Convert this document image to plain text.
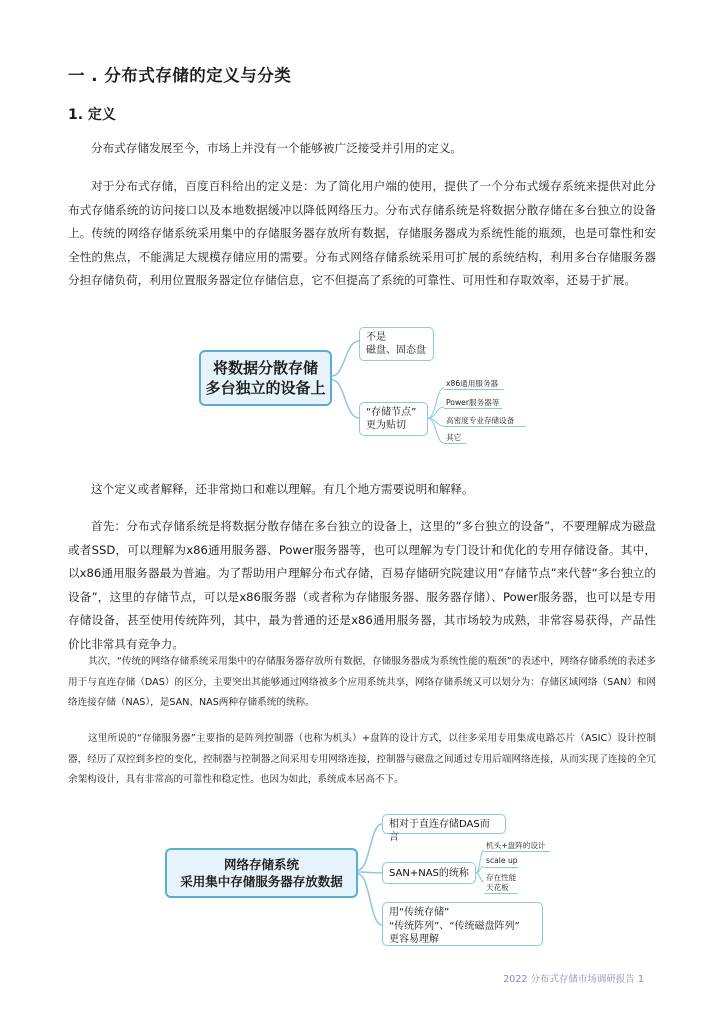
一 . 分布式存储的定义与分类
1. 定义

分布式存储发展至今，市场上并没有一个能够被广泛接受并引用的定义。

对于分布式存储，百度百科给出的定义是：为了简化用户端的使用，提供了一个分布式缓存系统来提供对此分布式存储系统的访问接口以及本地数据缓冲以降低网络压力。分布式存储系统是将数据分散存储在多台独立的设备上。传统的网络存储系统采用集中的存储服务器存放所有数据，存储服务器成为系统性能的瓶颈，也是可靠性和安全性的焦点，不能满足大规模存储应用的需要。分布式网络存储系统采用可扩展的系统结构，利用多台存储服务器分担存储负荷，利用位置服务器定位存储信息，它不但提高了系统的可靠性、可用性和存取效率，还易于扩展。

将数据分散存储
多台独立的设备上
不是
磁盘、固态盘
“存储节点”
更为贴切
x86通用服务器
Power服务器等
高密度专业存储设备
其它

这个定义或者解释，还非常拗口和难以理解。有几个地方需要说明和解释。

首先：分布式存储系统是将数据分散存储在多台独立的设备上，这里的“多台独立的设备”，不要理解成为磁盘或者SSD，可以理解为x86通用服务器、Power服务器等，也可以理解为专门设计和优化的专用存储设备。其中，以x86通用服务器最为普遍。为了帮助用户理解分布式存储，百易存储研究院建议用“存储节点”来代替“多台独立的设备”，这里的存储节点，可以是x86服务器（或者称为存储服务器、服务器存储）、Power服务器，也可以是专用存储设备，甚至使用传统阵列，其中，最为普通的还是x86通用服务器，其市场较为成熟，非常容易获得，产品性价比非常具有竞争力。

其次，“传统的网络存储系统采用集中的存储服务器存放所有数据，存储服务器成为系统性能的瓶颈”的表述中，网络存储系统的表述多用于与直连存储（DAS）的区分，主要突出其能够通过网络被多个应用系统共享，网络存储系统又可以划分为：存储区域网络（SAN）和网络连接存储（NAS），是SAN、NAS两种存储系统的统称。

这里所说的“存储服务器”主要指的是阵列控制器（也称为机头）+盘阵的设计方式，以往多采用专用集成电路芯片（ASIC）设计控制器，经历了双控到多控的变化，控制器与控制器之间采用专用网络连接，控制器与磁盘之间通过专用后端网络连接，从而实现了连接的全冗余架构设计，具有非常高的可靠性和稳定性。也因为如此，系统成本居高不下。

网络存储系统
采用集中存储服务器存放数据
相对于直连存储DAS而言
SAN+NAS的统称
机头+盘阵的设计
scale up
存在性能
天花板
用“传统存储”
“传统阵列”、“传统磁盘阵列”
更容易理解
2022 分布式存储市场调研报告 1
